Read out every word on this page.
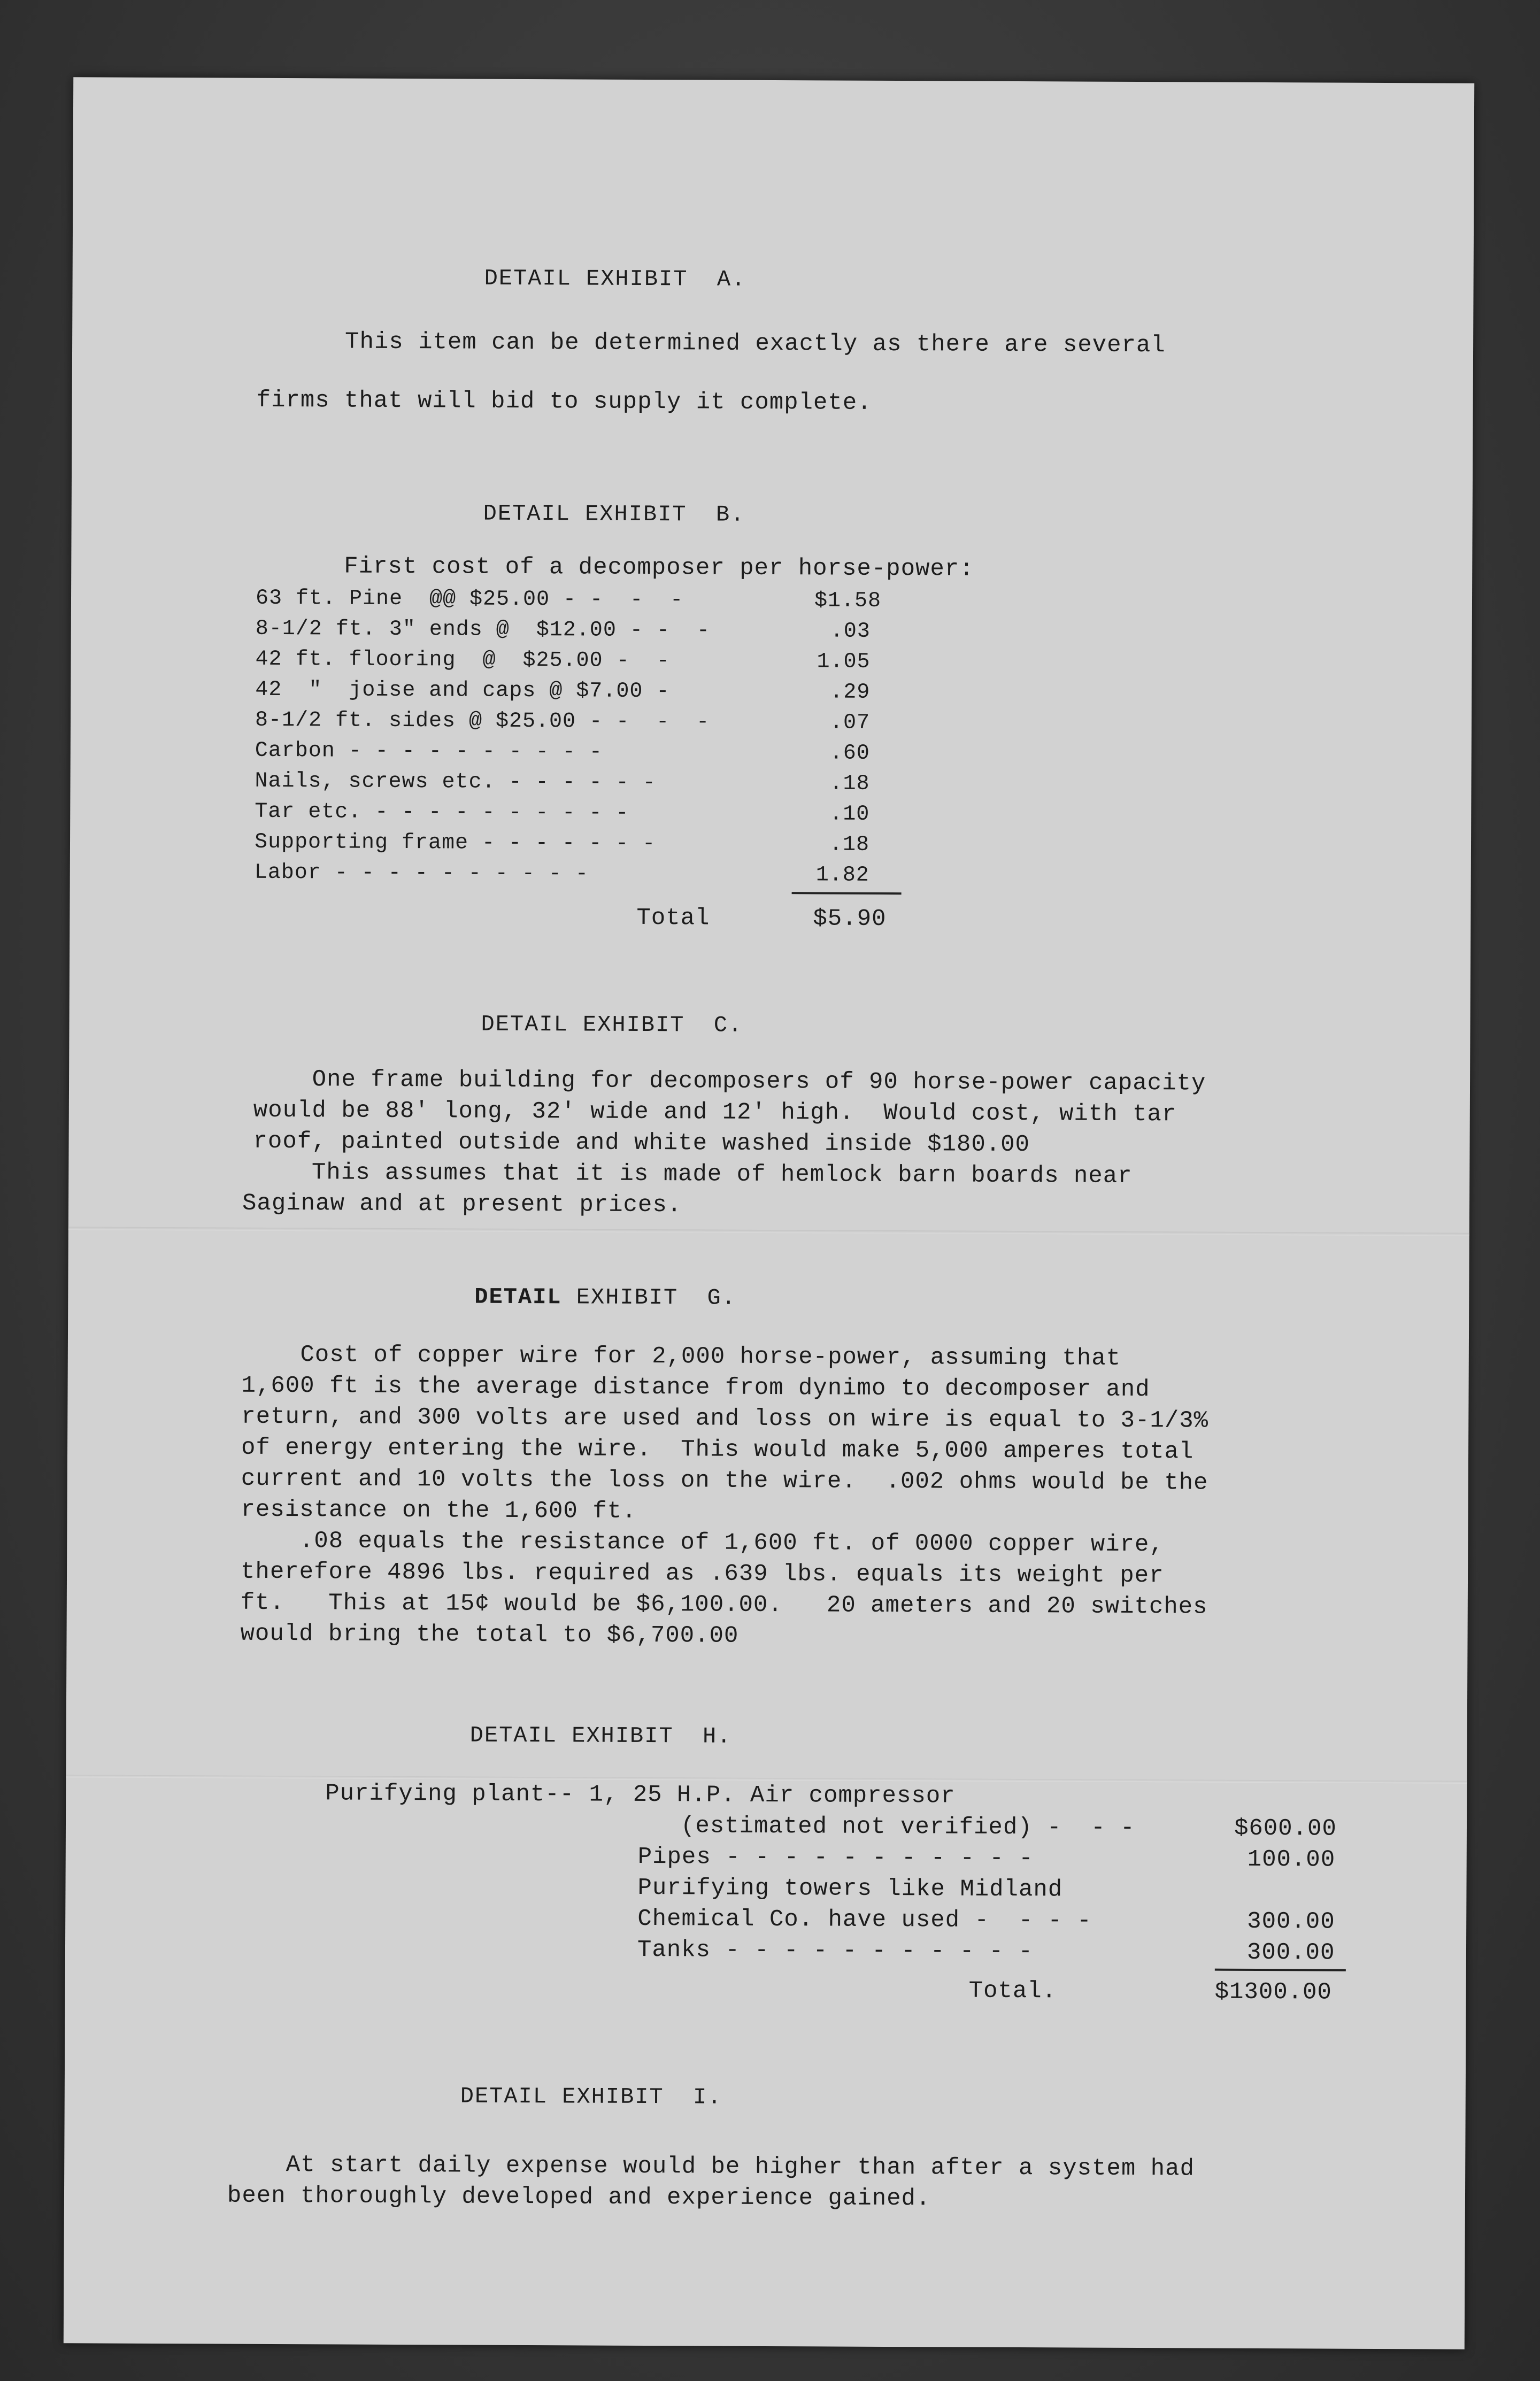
DETAIL EXHIBIT  A.
This item can be determined exactly as there are several
firms that will bid to supply it complete.
DETAIL EXHIBIT  B.
First cost of a decomposer per horse-power:
63 ft. Pine  @@ $25.00 - -  -  -	$1.58
8-1/2 ft. 3" ends @  $12.00 - -  -	.03
42 ft. flooring  @  $25.00 -  -	1.05
42  "  joise and caps @ $7.00 -	.29
8-1/2 ft. sides @ $25.00 - -  -  -	.07
Carbon - - - - - - - - - -	.60
Nails, screws etc. - - - - - -	.18
Tar etc. - - - - - - - - - -	.10
Supporting frame - - - - - - -	.18
Labor - - - - - - - - - -	1.82
Total	$5.90
DETAIL EXHIBIT  C.
One frame building for decomposers of 90 horse-power capacity
would be 88' long, 32' wide and 12' high.  Would cost, with tar
roof, painted outside and white washed inside $180.00
This assumes that it is made of hemlock barn boards near
Saginaw and at present prices.
DETAIL EXHIBIT  G.
Cost of copper wire for 2,000 horse-power, assuming that
1,600 ft is the average distance from dynimo to decomposer and
return, and 300 volts are used and loss on wire is equal to 3-1/3%
of energy entering the wire.  This would make 5,000 amperes total
current and 10 volts the loss on the wire.  .002 ohms would be the
resistance on the 1,600 ft.
.08 equals the resistance of 1,600 ft. of 0000 copper wire,
therefore 4896 lbs. required as .639 lbs. equals its weight per
ft.   This at 15¢ would be $6,100.00.   20 ameters and 20 switches
would bring the total to $6,700.00
DETAIL EXHIBIT  H.
Purifying plant-- 1, 25 H.P. Air compressor
(estimated not verified) -  - -	$600.00
Pipes - - - - - - - - - - -	100.00
Purifying towers like Midland
Chemical Co. have used -  - - -	300.00
Tanks - - - - - - - - - - -	300.00
Total.	$1300.00
DETAIL EXHIBIT  I.
At start daily expense would be higher than after a system had
been thoroughly developed and experience gained.
